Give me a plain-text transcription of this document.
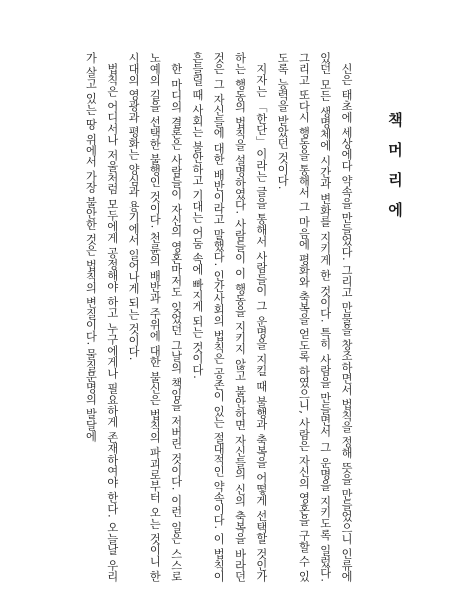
책머리에

신은 태초에 세상에다 약속을 만들었다. 그리고 만물을 창조하면서 법칙을 정해 뜻을 만들었으니 인류에 있던 모든 생명체에 시간과 변화를 지키게 한 것이다. 특히 사람을 만들면서 그 운명을 지키도록 일렀다. 그리고 또다시 행동을 통해서 그 마음에 평화와 축복을 얻도록 하였으니, 사람은 자신의 영혼을 구할 수 있도록 능력을 받았던 것이다.

지자는 「한단」이라는 글을 통해서 사람들이 그 운명을 지킬 때 불행과 축복을 어떻게 선택할 것인가 하는 행동의 법칙을 설명하였다. 사람들이 이 행동을 지키지 않고 불안하면 자신들의 신의 축복을 바라던 것은 그 자신들에 대한 배반이라고 말했다. 인간사회의 법칙은 공존이 있는 절대적인 약속이다. 이 법칙이 흔들릴 때 사회는 불안하고 기대는 어둠 속에 빠지게 되는 것이다.

한 마디의 결론은 사람들이 자신의 영혼마저도 잊었던 그날의 책임을 저버린 것이다. 이런 일은 스스로 노예의 길을 선택한 불행인 것이다. 천륜의 배반과 주위에 대한 불신은 법칙의 파괴로부터 오는 것이니 한 시대의 영광과 평화는 양심과 용기에서 일어나게 되는 것이다.

법칙은 어디서나 저울처럼 모두에게 공정해야 하고 누구에게나 필요하게 존재하여야 한다. 오늘날 우리가 살고 있는 땅 위에서 가장 불안한 것은 법칙의 변질이다. 물질문명의 발달에
